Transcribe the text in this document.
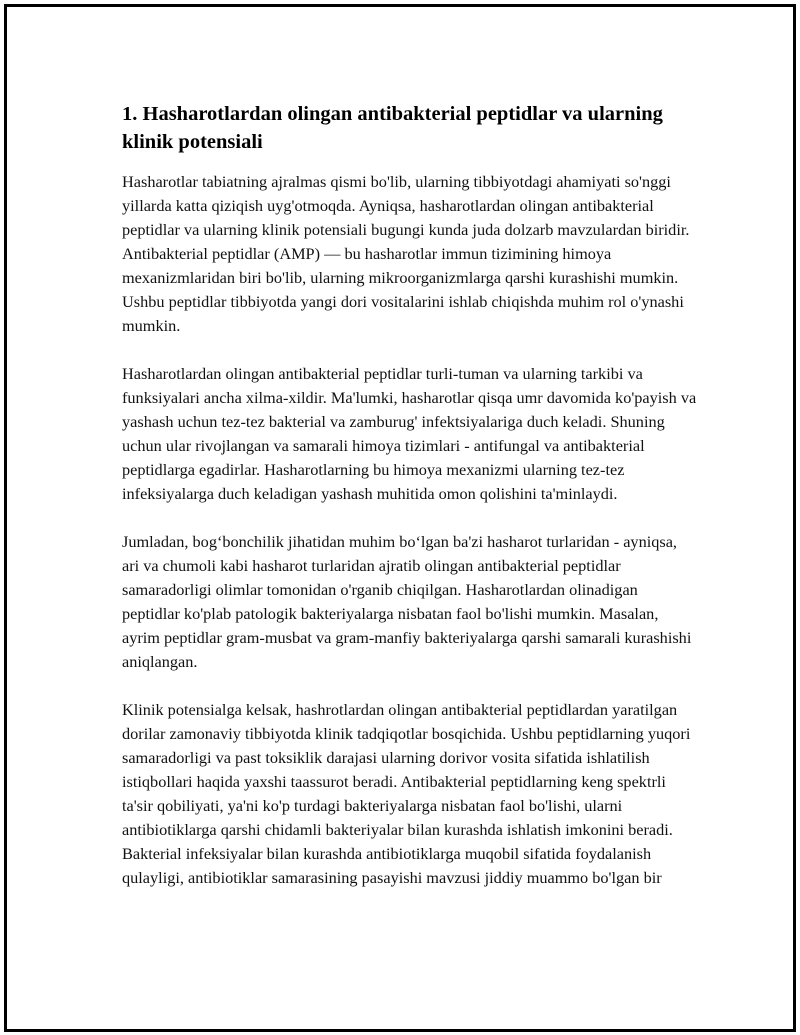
1. Hasharotlardan olingan antibakterial peptidlar va ularning klinik potensiali

Hasharotlar tabiatning ajralmas qismi bo'lib, ularning tibbiyotdagi ahamiyati so'nggi yillarda katta qiziqish uyg'otmoqda. Ayniqsa, hasharotlardan olingan antibakterial peptidlar va ularning klinik potensiali bugungi kunda juda dolzarb mavzulardan biridir. Antibakterial peptidlar (AMP) — bu hasharotlar immun tizimining himoya mexanizmlaridan biri bo'lib, ularning mikroorganizmlarga qarshi kurashishi mumkin. Ushbu peptidlar tibbiyotda yangi dori vositalarini ishlab chiqishda muhim rol o'ynashi mumkin.

Hasharotlardan olingan antibakterial peptidlar turli-tuman va ularning tarkibi va funksiyalari ancha xilma-xildir. Ma'lumki, hasharotlar qisqa umr davomida ko'payish va yashash uchun tez-tez bakterial va zamburug' infektsiyalariga duch keladi. Shuning uchun ular rivojlangan va samarali himoya tizimlari - antifungal va antibakterial peptidlarga egadirlar. Hasharotlarning bu himoya mexanizmi ularning tez-tez infeksiyalarga duch keladigan yashash muhitida omon qolishini ta'minlaydi.

Jumladan, bog‘bonchilik jihatidan muhim bo‘lgan ba'zi hasharot turlaridan - ayniqsa, ari va chumoli kabi hasharot turlaridan ajratib olingan antibakterial peptidlar samaradorligi olimlar tomonidan o'rganib chiqilgan. Hasharotlardan olinadigan peptidlar ko'plab patologik bakteriyalarga nisbatan faol bo'lishi mumkin. Masalan, ayrim peptidlar gram-musbat va gram-manfiy bakteriyalarga qarshi samarali kurashishi aniqlangan.

Klinik potensialga kelsak, hashrotlardan olingan antibakterial peptidlardan yaratilgan dorilar zamonaviy tibbiyotda klinik tadqiqotlar bosqichida. Ushbu peptidlarning yuqori samaradorligi va past toksiklik darajasi ularning dorivor vosita sifatida ishlatilish istiqbollari haqida yaxshi taassurot beradi. Antibakterial peptidlarning keng spektrli ta'sir qobiliyati, ya'ni ko'p turdagi bakteriyalarga nisbatan faol bo'lishi, ularni antibiotiklarga qarshi chidamli bakteriyalar bilan kurashda ishlatish imkonini beradi. Bakterial infeksiyalar bilan kurashda antibiotiklarga muqobil sifatida foydalanish qulayligi, antibiotiklar samarasining pasayishi mavzusi jiddiy muammo bo'lgan bir
